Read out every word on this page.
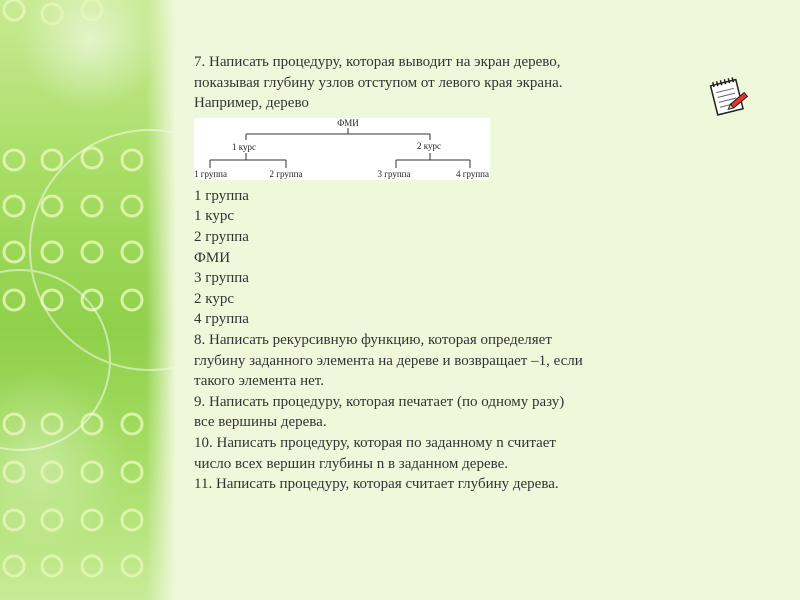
7. Написать процедуру, которая выводит на экран дерево,

показывая глубину узлов отступом от левого края экрана.

Например, дерево

ФМИ
1 курс	2 курс
1 группа	2 группа	3 группа	4 группа

1 группа

1 курс

2 группа

ФМИ

3 группа

2 курс

4 группа

8. Написать рекурсивную функцию, которая определяет

глубину заданного элемента на дереве и возвращает –1, если

такого элемента нет.

9. Написать процедуру, которая печатает (по одному разу)

все вершины дерева.

10. Написать процедуру, которая по заданному n считает

число всех вершин глубины n в заданном дереве.

11. Написать процедуру, которая считает глубину дерева.
